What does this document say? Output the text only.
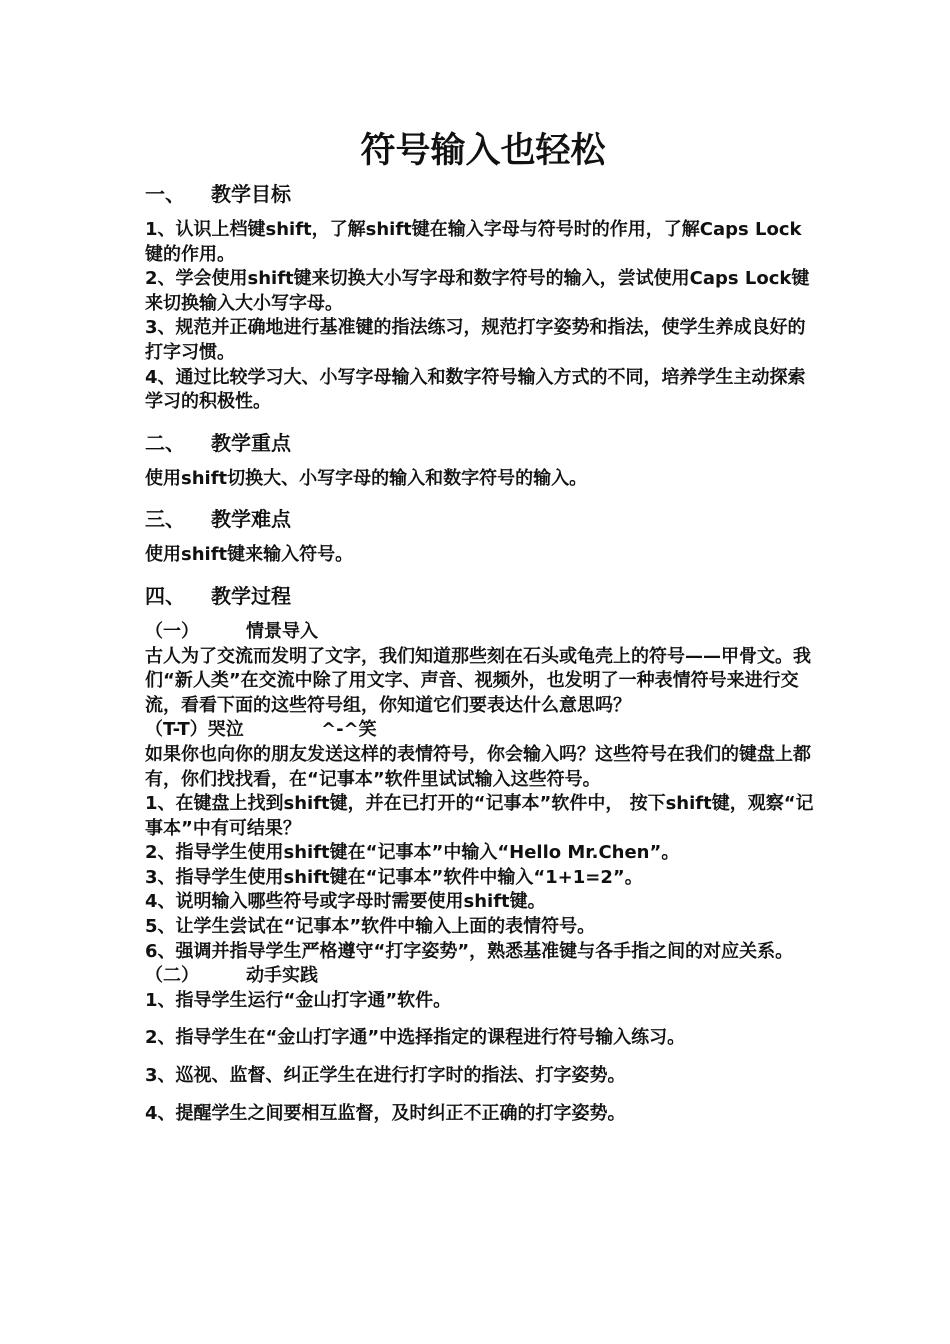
符号输入也轻松
一、 教学目标

1、认识上档键shift，了解shift键在输入字母与符号时的作用，了解Caps Lock键的作用。

2、学会使用shift键来切换大小写字母和数字符号的输入，尝试使用Caps Lock键来切换输入大小写字母。

3、规范并正确地进行基准键的指法练习，规范打字姿势和指法，使学生养成良好的打字习惯。

4、通过比较学习大、小写字母输入和数字符号输入方式的不同，培养学生主动探索学习的积极性。

二、 教学重点

使用shift切换大、小写字母的输入和数字符号的输入。

三、 教学难点

使用shift键来输入符号。

四、 教学过程
（一）	情景导入

古人为了交流而发明了文字，我们知道那些刻在石头或龟壳上的符号——甲骨文。我们“新人类”在交流中除了用文字、声音、视频外，也发明了一种表情符号来进行交流，看看下面的这些符号组，你知道它们要表达什么意思吗？

（T-T）哭泣	^-^笑

如果你也向你的朋友发送这样的表情符号，你会输入吗？这些符号在我们的键盘上都有，你们找找看，在“记事本”软件里试试输入这些符号。

1、在键盘上找到shift键，并在已打开的“记事本”软件中， 按下shift键，观察“记事本”中有可结果？

2、指导学生使用shift键在“记事本”中输入“Hello Mr.Chen”。

3、指导学生使用shift键在“记事本”软件中输入“1+1=2”。

4、说明输入哪些符号或字母时需要使用shift键。

5、让学生尝试在“记事本”软件中输入上面的表情符号。

6、强调并指导学生严格遵守“打字姿势”，熟悉基准键与各手指之间的对应关系。

（二）	动手实践

1、指导学生运行“金山打字通”软件。

2、指导学生在“金山打字通”中选择指定的课程进行符号输入练习。

3、巡视、监督、纠正学生在进行打字时的指法、打字姿势。

4、提醒学生之间要相互监督，及时纠正不正确的打字姿势。
